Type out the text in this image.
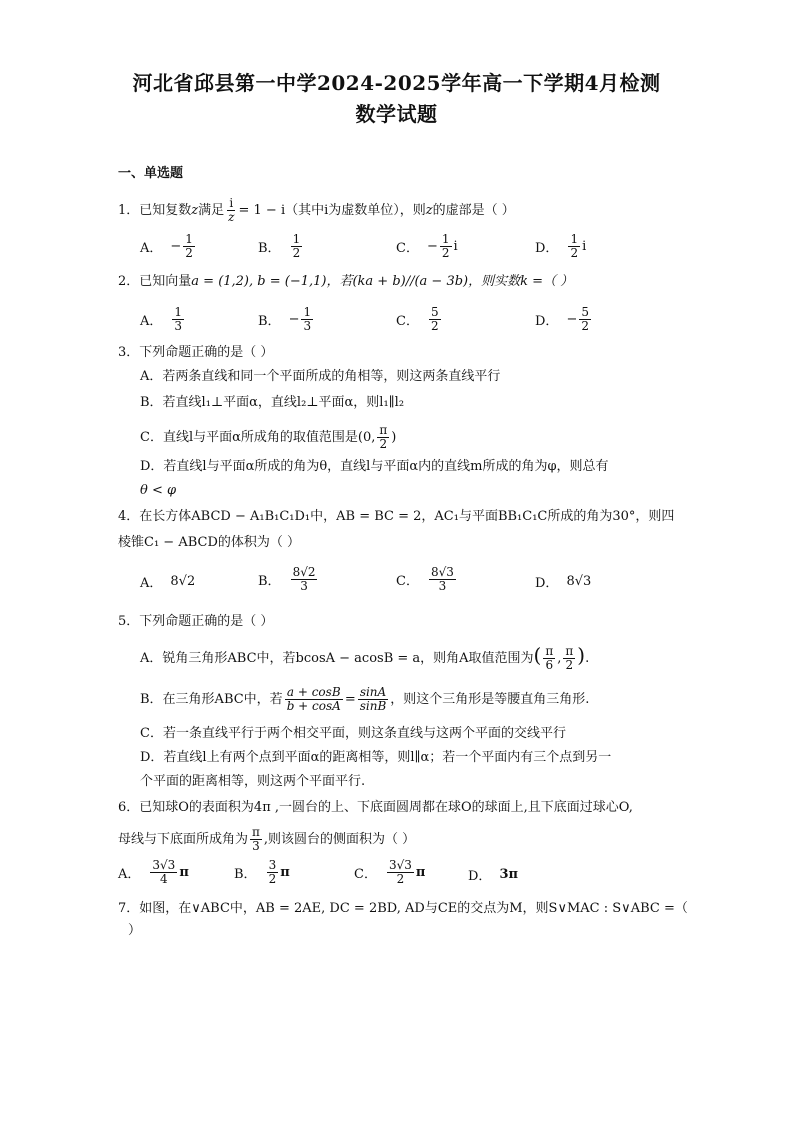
河北省邱县第一中学2024-2025学年高一下学期4月检测
数学试题
一、单选题
1．已知复数z满足 $\frac{i}{z} = 1 - i$（其中i为虚数单位），则z的虚部是（ ）
A． − $\frac{1}{2}$	B． $\frac{1}{2}$	C． − $\frac{1}{2}$ i	D． $\frac{1}{2}$ i
2．已知向量a = (1,2), b = (−1,1)，若(ka + b)//(a − 3b)，则实数k =（ ）
A． $\frac{1}{3}$	B． − $\frac{1}{3}$	C． $\frac{5}{2}$	D． − $\frac{5}{2}$
3．下列命题正确的是（ ）
A．若两条直线和同一个平面所成的角相等，则这两条直线平行
B．若直线l₁⊥平面α，直线l₂⊥平面α，则l₁∥l₂
C．直线l与平面α所成角的取值范围是(0, $\frac{\pi}{2}$ )
D．若直线l与平面α所成的角为θ，直线l与平面α内的直线m所成的角为φ，则总有
θ < φ
4．在长方体ABCD − A₁B₁C₁D₁中，AB = BC = 2，AC₁与平面BB₁C₁C所成的角为30°，则四
棱锥C₁ − ABCD的体积为（ ）
A． 8√2	B． $\frac{8√2}{3}$	C． $\frac{8√3}{3}$	D． 8√3
5．下列命题正确的是（ ）
A．锐角三角形ABC中，若bcosA − acosB = a，则角A取值范围为( $\frac{\pi}{6}$ , $\frac{\pi}{2}$ ).
B．在三角形ABC中，若 $\frac{a + \cos B}{b + \cos A} = \frac{\sin A}{\sin B}$ ，则这个三角形是等腰直角三角形.
C．若一条直线平行于两个相交平面，则这条直线与这两个平面的交线平行
D．若直线l上有两个点到平面α的距离相等，则l∥α；若一个平面内有三个点到另一
个平面的距离相等，则这两个平面平行.
6．已知球O的表面积为4π ,一圆台的上、下底面圆周都在球O的球面上,且下底面过球心O,
母线与下底面所成角为 $\frac{\pi}{3}$ ,则该圆台的侧面积为（ ）
A． $\frac{3√3}{4}$ π	B． $\frac{3}{2}$ π	C． $\frac{3√3}{2}$ π	D． 3π
7．如图，在∨ABC中，AB = 2AE, DC = 2BD, AD与CE的交点为M，则S∨MAC : S∨ABC =（
）
